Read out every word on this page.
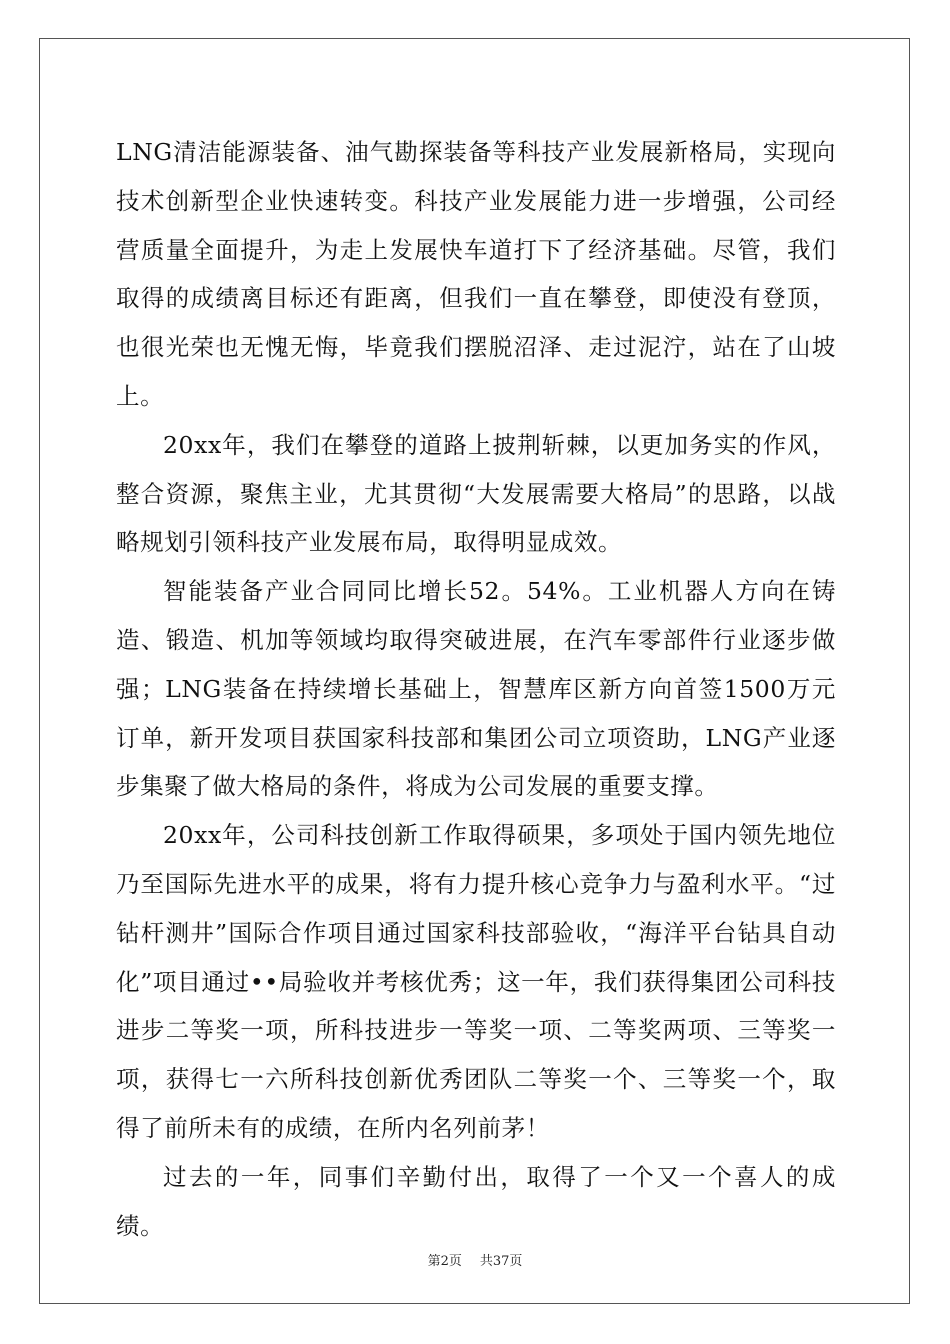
LNG清洁能源装备、油气勘探装备等科技产业发展新格局，实现向技术创新型企业快速转变。科技产业发展能力进一步增强，公司经营质量全面提升，为走上发展快车道打下了经济基础。尽管，我们取得的成绩离目标还有距离，但我们一直在攀登，即使没有登顶，也很光荣也无愧无悔，毕竟我们摆脱沼泽、走过泥泞，站在了山坡上。

20xx年，我们在攀登的道路上披荆斩棘，以更加务实的作风，整合资源，聚焦主业，尤其贯彻“大发展需要大格局”的思路，以战略规划引领科技产业发展布局，取得明显成效。

智能装备产业合同同比增长52。54%。工业机器人方向在铸造、锻造、机加等领域均取得突破进展，在汽车零部件行业逐步做强；LNG装备在持续增长基础上，智慧库区新方向首签1500万元订单，新开发项目获国家科技部和集团公司立项资助，LNG产业逐步集聚了做大格局的条件，将成为公司发展的重要支撑。

20xx年，公司科技创新工作取得硕果，多项处于国内领先地位乃至国际先进水平的成果，将有力提升核心竞争力与盈利水平。“过钻杆测井”国际合作项目通过国家科技部验收，“海洋平台钻具自动化”项目通过••局验收并考核优秀；这一年，我们获得集团公司科技进步二等奖一项，所科技进步一等奖一项、二等奖两项、三等奖一项，获得七一六所科技创新优秀团队二等奖一个、三等奖一个，取得了前所未有的成绩，在所内名列前茅！

过去的一年，同事们辛勤付出，取得了一个又一个喜人的成绩。

第2页 共37页
